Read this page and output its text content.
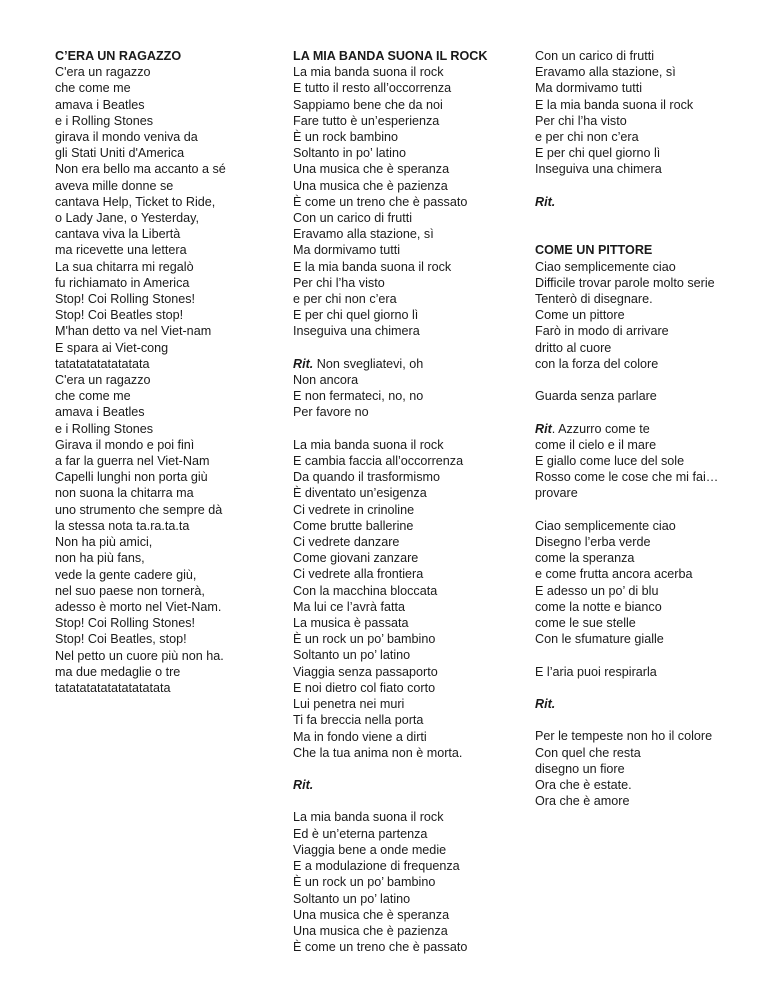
C’ERA UN RAGAZZO
C'era un ragazzo
che come me
amava i Beatles
e i Rolling Stones
girava il mondo veniva da
gli Stati Uniti d'America
Non era bello ma accanto a sé
aveva mille donne se
cantava Help, Ticket to Ride,
o Lady Jane, o Yesterday,
cantava viva la Libertà
ma ricevette una lettera
La sua chitarra mi regalò
fu richiamato in America
Stop! Coi Rolling Stones!
Stop! Coi Beatles stop!
M'han detto va nel Viet-nam
E spara ai Viet-cong
tatatatatatatatata
C'era un ragazzo
che come me
amava i Beatles
e i Rolling Stones
Girava il mondo e poi finì
a far la guerra nel Viet-Nam
Capelli lunghi non porta giù
non suona la chitarra ma
uno strumento che sempre dà
la stessa nota ta.ra.ta.ta
Non ha più amici,
non ha più fans,
vede la gente cadere giù,
nel suo paese non tornerà,
adesso è morto nel Viet-Nam.
Stop! Coi Rolling Stones!
Stop! Coi Beatles, stop!
Nel petto un cuore più non ha.
ma due medaglie o tre
tatatatatatatatatatata
LA MIA BANDA SUONA IL ROCK
La mia banda suona il rock
E tutto il resto all’occorrenza
Sappiamo bene che da noi
Fare tutto è un’esperienza
È un rock bambino
Soltanto in po’ latino
Una musica che è speranza
Una musica che è pazienza
È come un treno che è passato
Con un carico di frutti
Eravamo alla stazione, sì
Ma dormivamo tutti
E la mia banda suona il rock
Per chi l’ha visto
e per chi non c’era
E per chi quel giorno lì
Inseguiva una chimera
Rit. Non svegliatevi, oh
Non ancora
E non fermateci, no, no
Per favore no
La mia banda suona il rock
E cambia faccia all’occorrenza
Da quando il trasformismo
È diventato un’esigenza
Ci vedrete in crinoline
Come brutte ballerine
Ci vedrete danzare
Come giovani zanzare
Ci vedrete alla frontiera
Con la macchina bloccata
Ma lui ce l’avrà fatta
La musica è passata
È un rock un po’ bambino
Soltanto un po’ latino
Viaggia senza passaporto
E noi dietro col fiato corto
Lui penetra nei muri
Ti fa breccia nella porta
Ma in fondo viene a dirti
Che la tua anima non è morta.
Rit.
La mia banda suona il rock
Ed è un’eterna partenza
Viaggia bene a onde medie
E a modulazione di frequenza
È un rock un po’ bambino
Soltanto un po’ latino
Una musica che è speranza
Una musica che è pazienza
È come un treno che è passato
Con un carico di frutti
Eravamo alla stazione, sì
Ma dormivamo tutti
E la mia banda suona il rock
Per chi l’ha visto
e per chi non c’era
E per chi quel giorno lì
Inseguiva una chimera
Rit.
COME UN PITTORE
Ciao semplicemente ciao
Difficile trovar parole molto serie
Tenterò di disegnare.
Come un pittore
Farò in modo di arrivare
dritto al cuore
con la forza del colore
Guarda senza parlare
Rit. Azzurro come te
come il cielo e il mare
E giallo come luce del sole
Rosso come le cose che mi fai…
provare
Ciao semplicemente ciao
Disegno l’erba verde
come la speranza
e come frutta ancora acerba
E adesso un po’ di blu
come la notte e bianco
come le sue stelle
Con le sfumature gialle
E l’aria puoi respirarla
Rit.
Per le tempeste non ho il colore
Con quel che resta
disegno un fiore
Ora che è estate.
Ora che è amore
